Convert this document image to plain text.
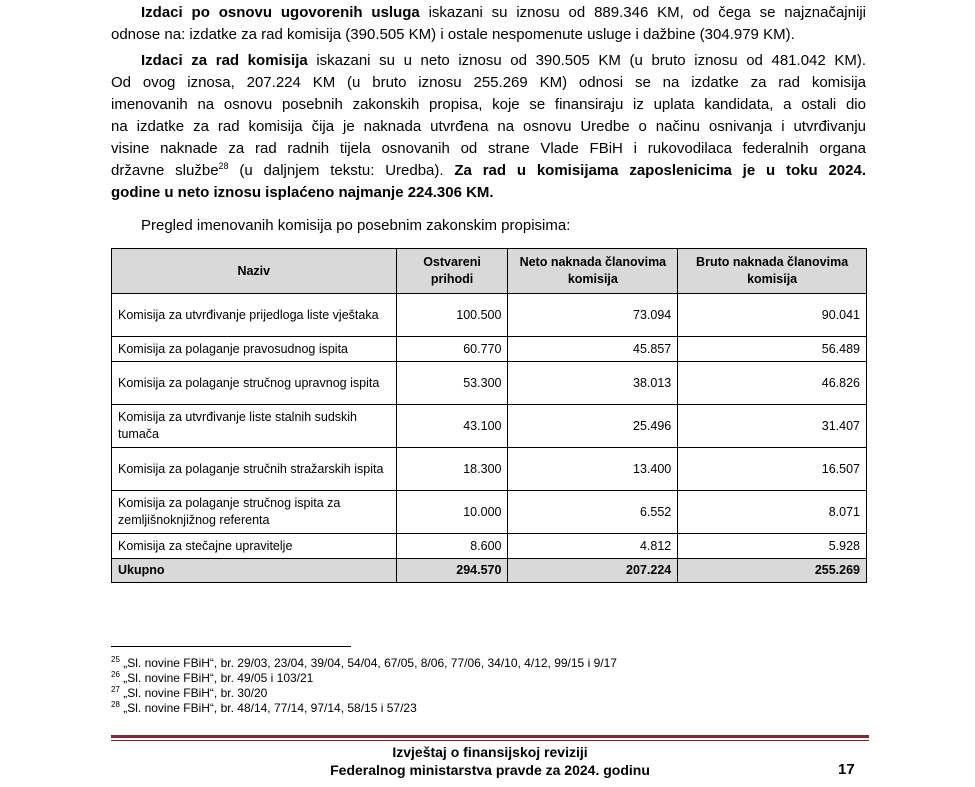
Izdaci po osnovu ugovorenih usluga iskazani su iznosu od 889.346 KM, od čega se najznačajniji
odnose na: izdatke za rad komisija (390.505 KM) i ostale nespomenute usluge i dažbine (304.979 KM).
Izdaci za rad komisija iskazani su u neto iznosu od 390.505 KM (u bruto iznosu od 481.042 KM).
Od ovog iznosa, 207.224 KM (u bruto iznosu 255.269 KM) odnosi se na izdatke za rad komisija
imenovanih na osnovu posebnih zakonskih propisa, koje se finansiraju iz uplata kandidata, a ostali dio
na izdatke za rad komisija čija je naknada utvrđena na osnovu Uredbe o načinu osnivanja i utvrđivanju
visine naknade za rad radnih tijela osnovanih od strane Vlade FBiH i rukovodilaca federalnih organa
državne službe$^{28}$ (u daljnjem tekstu: Uredba). Za rad u komisijama zaposlenicima je u toku 2024.
godine u neto iznosu isplaćeno najmanje 224.306 KM.
Pregled imenovanih komisija po posebnim zakonskim propisima:
Naziv	Ostvareni prihodi	Neto naknada članovima komisija	Bruto naknada članovima komisija
Komisija za utvrđivanje prijedloga liste vještaka	100.500	73.094	90.041
Komisija za polaganje pravosudnog ispita	60.770	45.857	56.489
Komisija za polaganje stručnog upravnog ispita	53.300	38.013	46.826
Komisija za utvrđivanje liste stalnih sudskih tumača	43.100	25.496	31.407
Komisija za polaganje stručnih stražarskih ispita	18.300	13.400	16.507
Komisija za polaganje stručnog ispita za zemljišnoknjižnog referenta	10.000	6.552	8.071
Komisija za stečajne upravitelje	8.600	4.812	5.928
Ukupno	294.570	207.224	255.269
$^{25}$ „Sl. novine FBiH“, br. 29/03, 23/04, 39/04, 54/04, 67/05, 8/06, 77/06, 34/10, 4/12, 99/15 i 9/17
$^{26}$ „Sl. novine FBiH“, br. 49/05 i 103/21
$^{27}$ „Sl. novine FBiH“, br. 30/20
$^{28}$ „Sl. novine FBiH“, br. 48/14, 77/14, 97/14, 58/15 i 57/23
Izvještaj o finansijskoj reviziji
Federalnog ministarstva pravde za 2024. godinu	17
